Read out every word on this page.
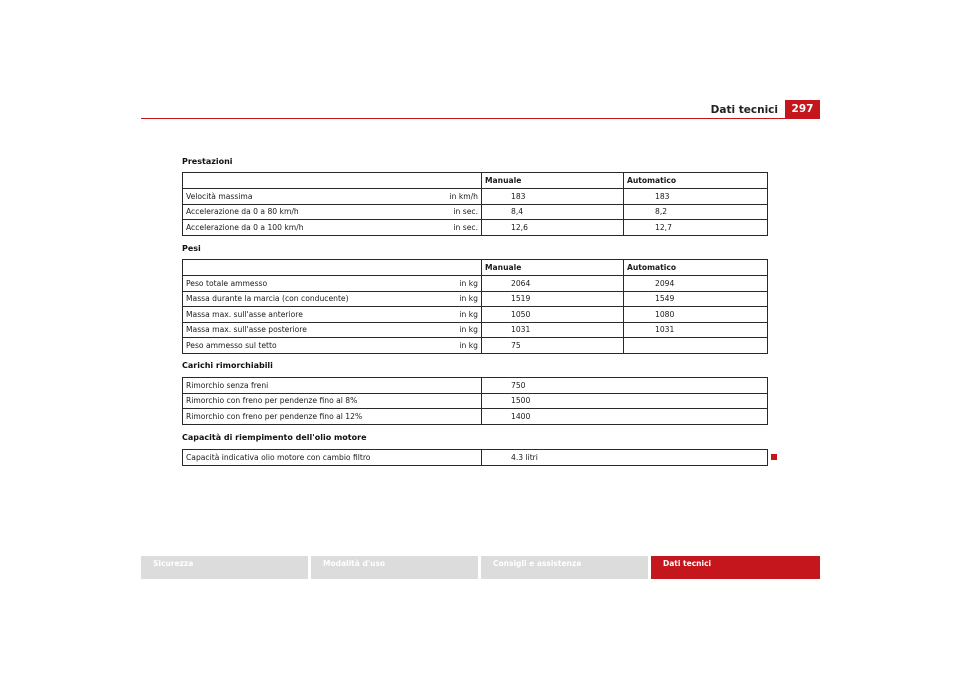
Dati tecnici	297
Prestazioni
		Manuale	Automatico
Velocità massima	in km/h	183	183
Accelerazione da 0 a 80 km/h	in sec.	8,4	8,2
Accelerazione da 0 a 100 km/h	in sec.	12,6	12,7
Pesi
		Manuale	Automatico
Peso totale ammesso	in kg	2064	2094
Massa durante la marcia (con conducente)	in kg	1519	1549
Massa max. sull'asse anteriore	in kg	1050	1080
Massa max. sull'asse posteriore	in kg	1031	1031
Peso ammesso sul tetto	in kg	75	
Carichi rimorchiabili
Rimorchio senza freni	750
Rimorchio con freno per pendenze fino al 8%	1500
Rimorchio con freno per pendenze fino al 12%	1400
Capacità di riempimento dell'olio motore
Capacità indicativa olio motore con cambio filtro	4.3 litri
Sicurezza	Modalità d'uso	Consigli e assistenza	Dati tecnici
